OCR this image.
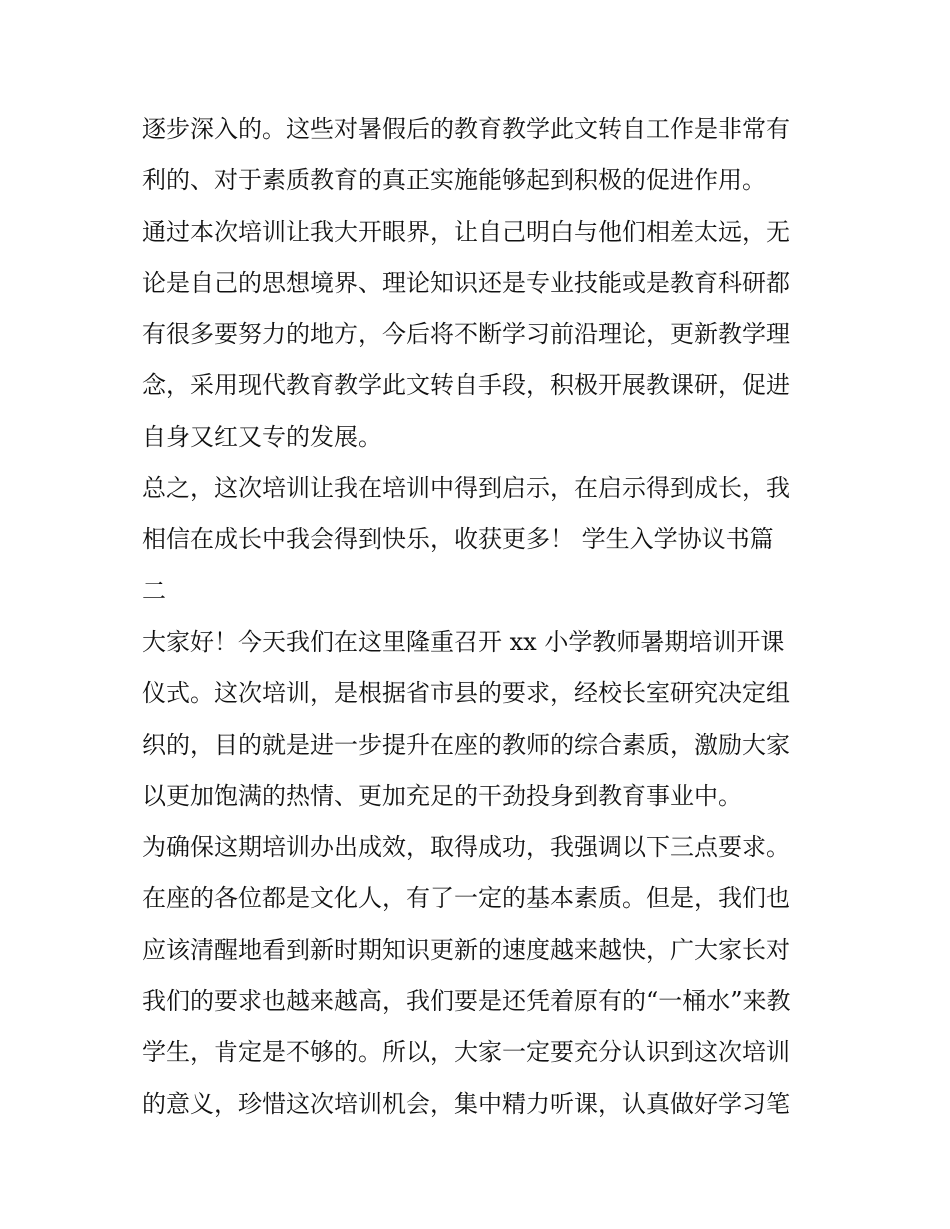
逐步深入的。这些对暑假后的教育教学此文转自工作是非常有
利的、对于素质教育的真正实施能够起到积极的促进作用。
通过本次培训让我大开眼界，让自己明白与他们相差太远，无
论是自己的思想境界、理论知识还是专业技能或是教育科研都
有很多要努力的地方，今后将不断学习前沿理论，更新教学理
念，采用现代教育教学此文转自手段，积极开展教课研，促进
自身又红又专的发展。
总之，这次培训让我在培训中得到启示，在启示得到成长，我
相信在成长中我会得到快乐，收获更多！ 学生入学协议书篇
二
大家好！今天我们在这里隆重召开 xx 小学教师暑期培训开课
仪式。这次培训，是根据省市县的要求，经校长室研究决定组
织的，目的就是进一步提升在座的教师的综合素质，激励大家
以更加饱满的热情、更加充足的干劲投身到教育事业中。
为确保这期培训办出成效，取得成功，我强调以下三点要求。
在座的各位都是文化人，有了一定的基本素质。但是，我们也
应该清醒地看到新时期知识更新的速度越来越快，广大家长对
我们的要求也越来越高，我们要是还凭着原有的“一桶水”来教
学生，肯定是不够的。所以，大家一定要充分认识到这次培训
的意义，珍惜这次培训机会，集中精力听课，认真做好学习笔
